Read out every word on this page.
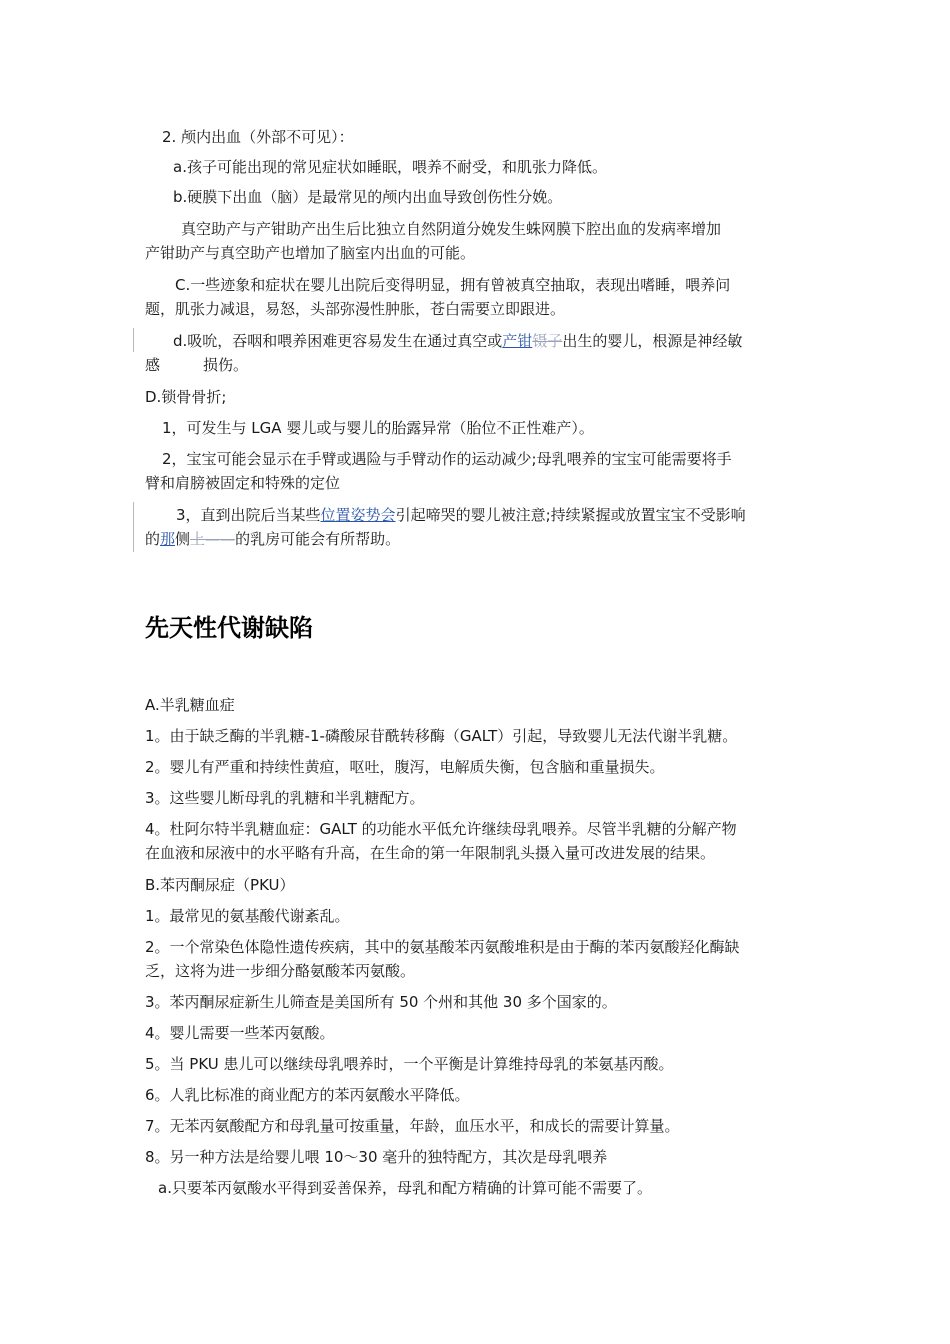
2. 颅内出血（外部不可见）：
a.孩子可能出现的常见症状如睡眠，喂养不耐受，和肌张力降低。
b.硬膜下出血（脑）是最常见的颅内出血导致创伤性分娩。
真空助产与产钳助产出生后比独立自然阴道分娩发生蛛网膜下腔出血的发病率增加
产钳助产与真空助产也增加了脑室内出血的可能。
C.一些迹象和症状在婴儿出院后变得明显，拥有曾被真空抽取，表现出嗜睡，喂养问
题，肌张力减退，易怒，头部弥漫性肿胀，苍白需要立即跟进。
d.吸吮，吞咽和喂养困难更容易发生在通过真空或产钳镊子出生的婴儿，根源是神经敏
感	损伤。
D.锁骨骨折;
1，可发生与 LGA 婴儿或与婴儿的胎露异常（胎位不正性难产）。
2，宝宝可能会显示在手臂或遇险与手臂动作的运动减少;母乳喂养的宝宝可能需要将手
臂和肩膀被固定和特殊的定位
3，直到出院后当某些位置姿势会引起啼哭的婴儿被注意;持续紧握或放置宝宝不受影响
的那侧上——的乳房可能会有所帮助。
先天性代谢缺陷
A.半乳糖血症
1。由于缺乏酶的半乳糖-1-磷酸尿苷酰转移酶（GALT）引起，导致婴儿无法代谢半乳糖。
2。婴儿有严重和持续性黄疸，呕吐，腹泻，电解质失衡，包含脑和重量损失。
3。这些婴儿断母乳的乳糖和半乳糖配方。
4。杜阿尔特半乳糖血症：GALT 的功能水平低允许继续母乳喂养。尽管半乳糖的分解产物
在血液和尿液中的水平略有升高，在生命的第一年限制乳头摄入量可改进发展的结果。
B.苯丙酮尿症（PKU）
1。最常见的氨基酸代谢紊乱。
2。一个常染色体隐性遗传疾病，其中的氨基酸苯丙氨酸堆积是由于酶的苯丙氨酸羟化酶缺
乏，这将为进一步细分酪氨酸苯丙氨酸。
3。苯丙酮尿症新生儿筛查是美国所有 50 个州和其他 30 多个国家的。
4。婴儿需要一些苯丙氨酸。
5。当 PKU 患儿可以继续母乳喂养时，一个平衡是计算维持母乳的苯氨基丙酸。
6。人乳比标准的商业配方的苯丙氨酸水平降低。
7。无苯丙氨酸配方和母乳量可按重量，年龄，血压水平，和成长的需要计算量。
8。另一种方法是给婴儿喂 10～30 毫升的独特配方，其次是母乳喂养
a.只要苯丙氨酸水平得到妥善保养，母乳和配方精确的计算可能不需要了。
